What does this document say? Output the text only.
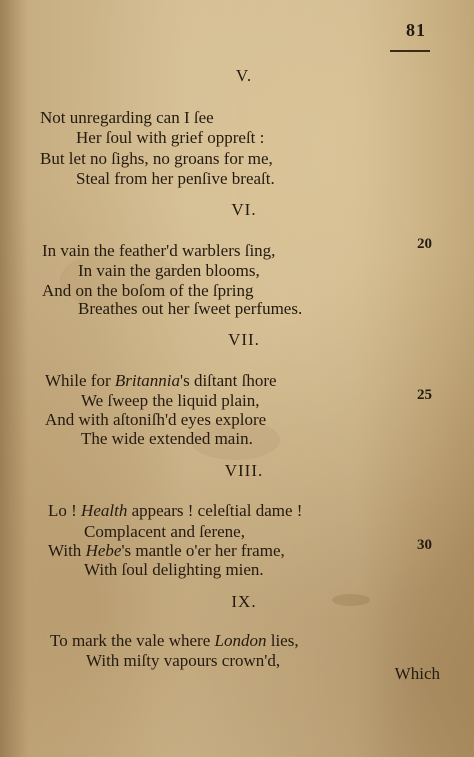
81
V.
Not unregarding can I ſee
Her ſoul with grief oppreſt :
But let no ſighs, no groans for me,
Steal from her penſive breaſt.
VI.
In vain the feather'd warblers ſing,	20
In vain the garden blooms,
And on the boſom of the ſpring
Breathes out her ſweet perfumes.
VII.
While for Britannia's diſtant ſhore
We ſweep the liquid plain,	25
And with aſtoniſh'd eyes explore
The wide extended main.
VIII.
Lo ! Health appears ! celeſtial dame !
Complacent and ſerene,
With Hebe's mantle o'er her frame,	30
With ſoul delighting mien.
IX.
To mark the vale where London lies,
With miſty vapours crown'd,
Which
